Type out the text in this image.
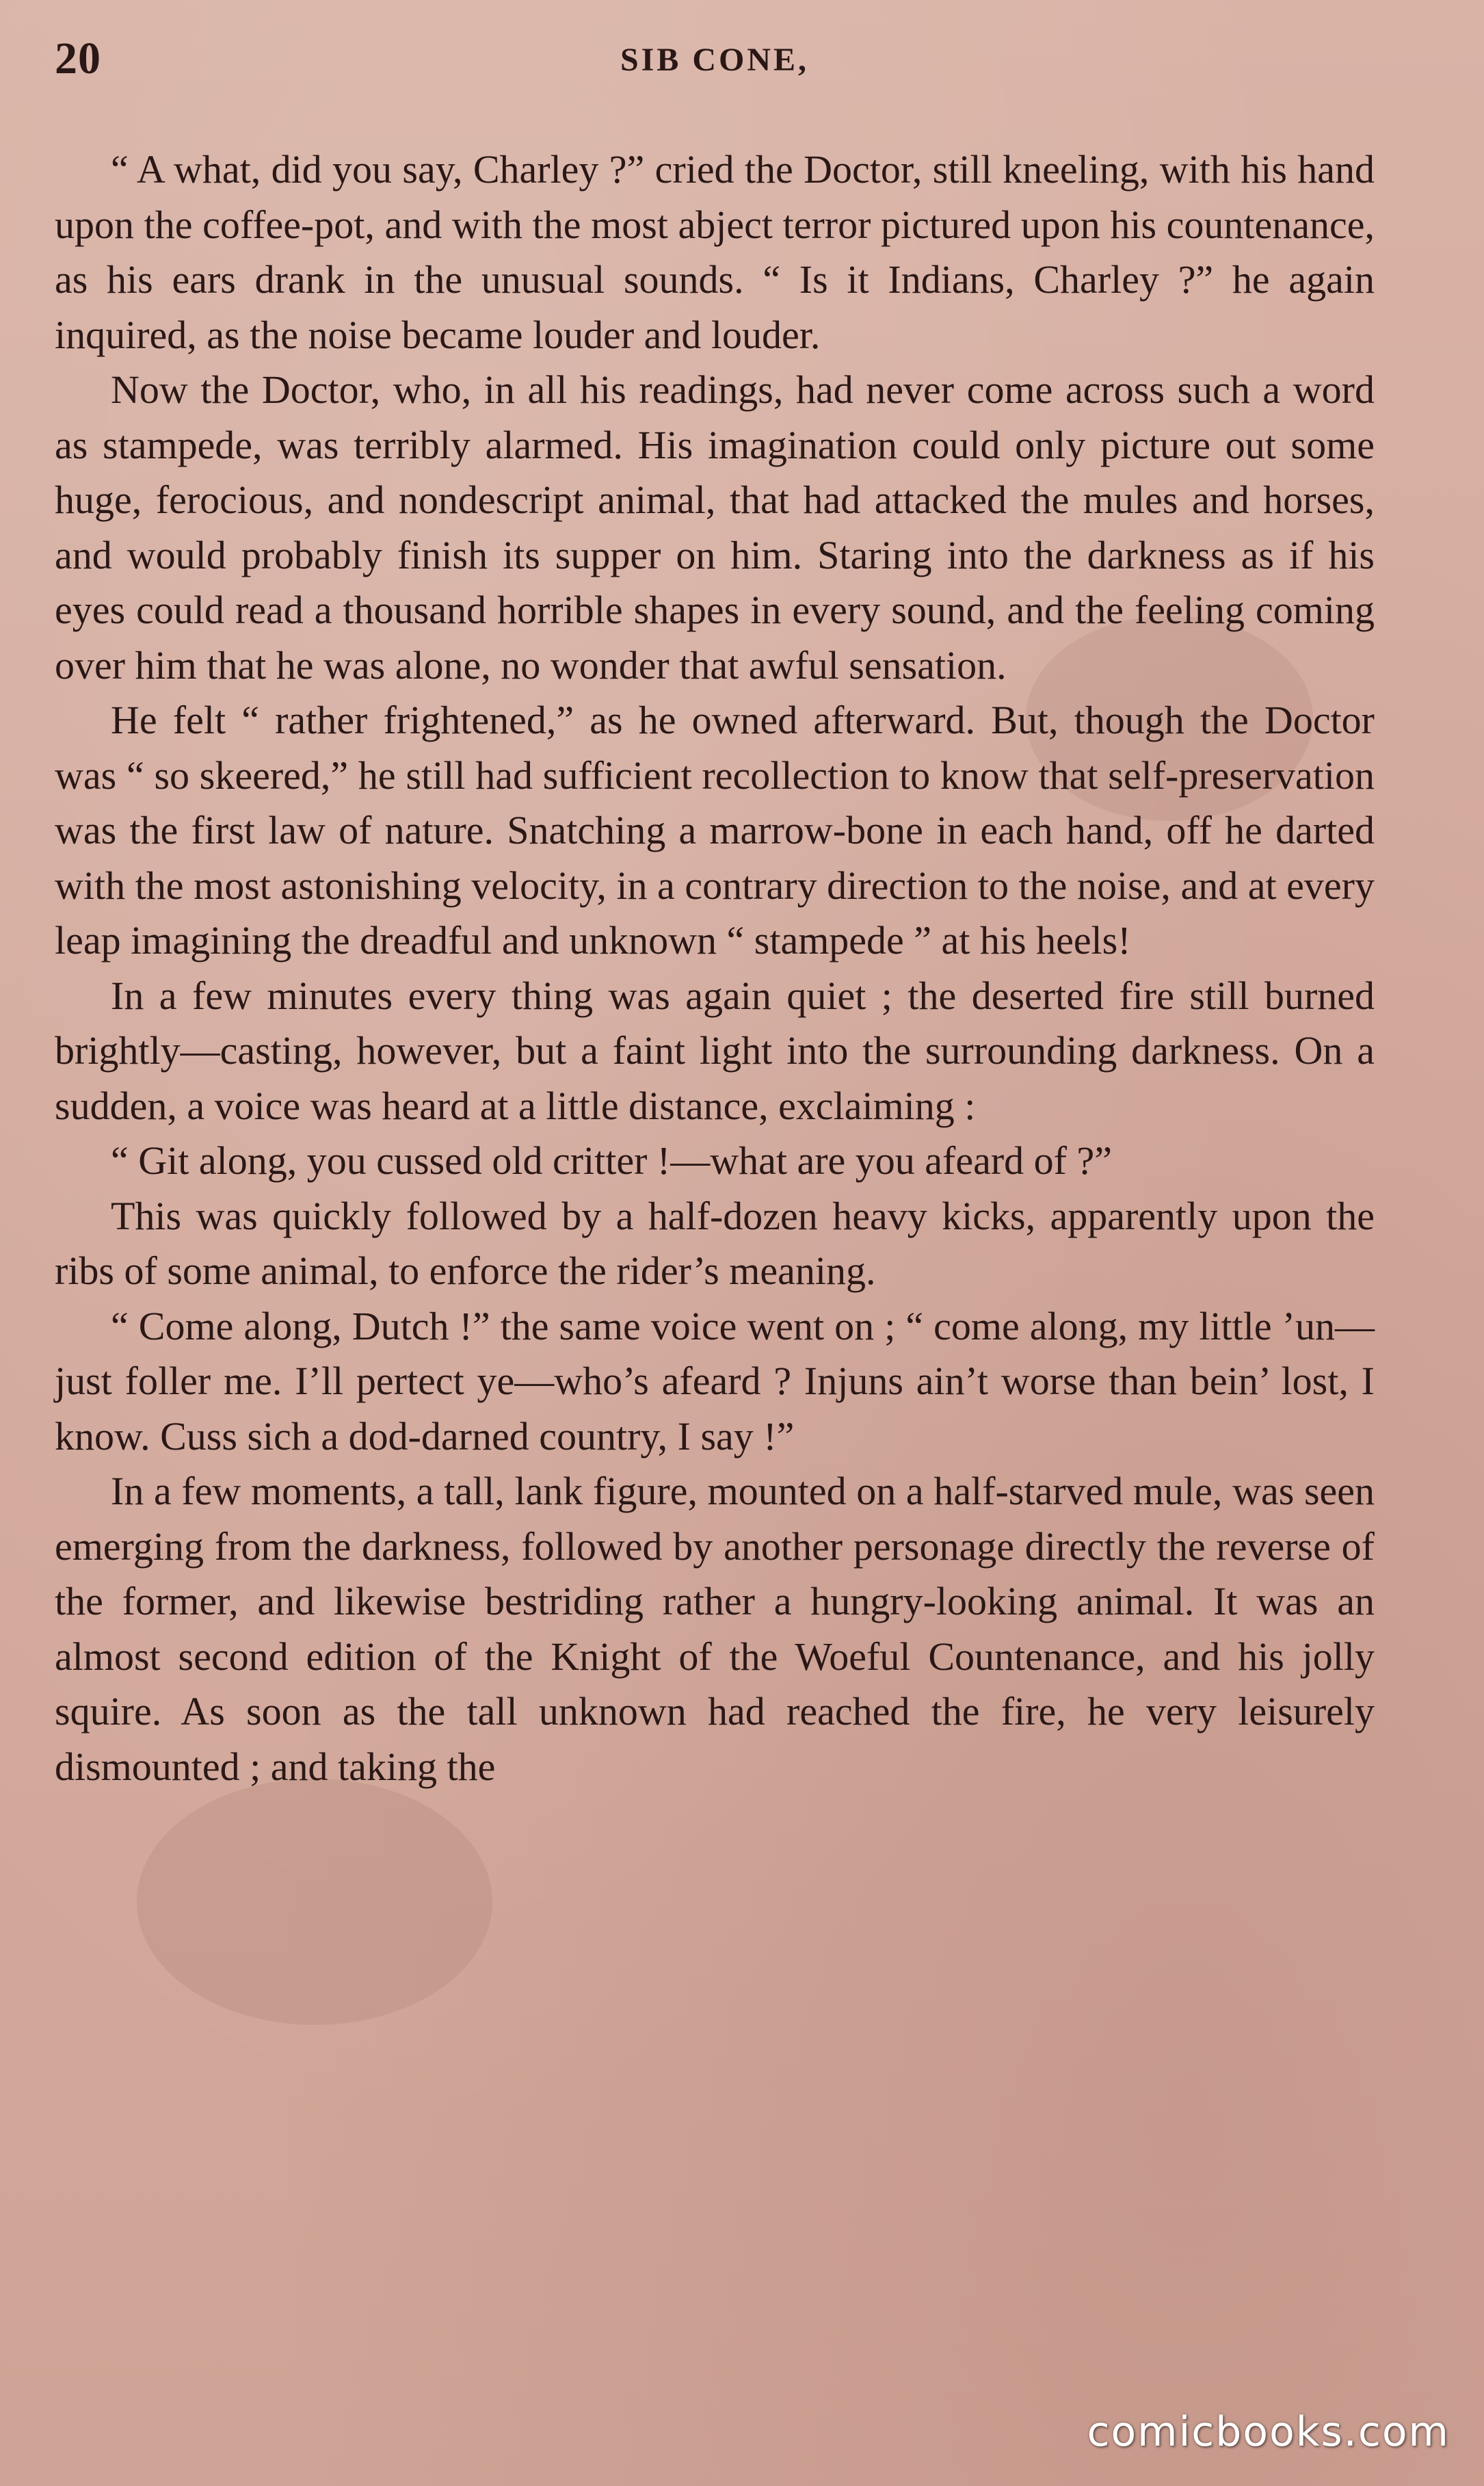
20	SIB CONE,

“ A what, did you say, Charley ?” cried the Doctor, still kneeling, with his hand upon the coffee-pot, and with the most abject terror pictured upon his countenance, as his ears drank in the unusual sounds. “ Is it Indians, Charley ?” he again inquired, as the noise became louder and louder.

Now the Doctor, who, in all his readings, had never come across such a word as stampede, was terribly alarmed. His imagination could only picture out some huge, ferocious, and nondescript animal, that had attacked the mules and horses, and would probably finish its supper on him. Staring into the darkness as if his eyes could read a thousand horrible shapes in every sound, and the feeling coming over him that he was alone, no wonder that awful sensation.

He felt “ rather frightened,” as he owned afterward. But, though the Doctor was “ so skeered,” he still had sufficient recollection to know that self-preservation was the first law of nature. Snatching a marrow-bone in each hand, off he darted with the most astonishing velocity, in a contrary direction to the noise, and at every leap imagining the dreadful and unknown “ stampede ” at his heels!

In a few minutes every thing was again quiet ; the deserted fire still burned brightly—casting, however, but a faint light into the surrounding darkness. On a sudden, a voice was heard at a little distance, exclaiming :

“ Git along, you cussed old critter !—what are you afeard of ?”

This was quickly followed by a half-dozen heavy kicks, apparently upon the ribs of some animal, to enforce the rider’s meaning.

“ Come along, Dutch !” the same voice went on ; “ come along, my little ’un—just foller me. I’ll pertect ye—who’s afeard ? Injuns ain’t worse than bein’ lost, I know. Cuss sich a dod-darned country, I say !”

In a few moments, a tall, lank figure, mounted on a half-starved mule, was seen emerging from the darkness, followed by another personage directly the reverse of the former, and likewise bestriding rather a hungry-looking animal. It was an almost second edition of the Knight of the Woeful Countenance, and his jolly squire. As soon as the tall unknown had reached the fire, he very leisurely dismounted ; and taking the

comicbooks.com
